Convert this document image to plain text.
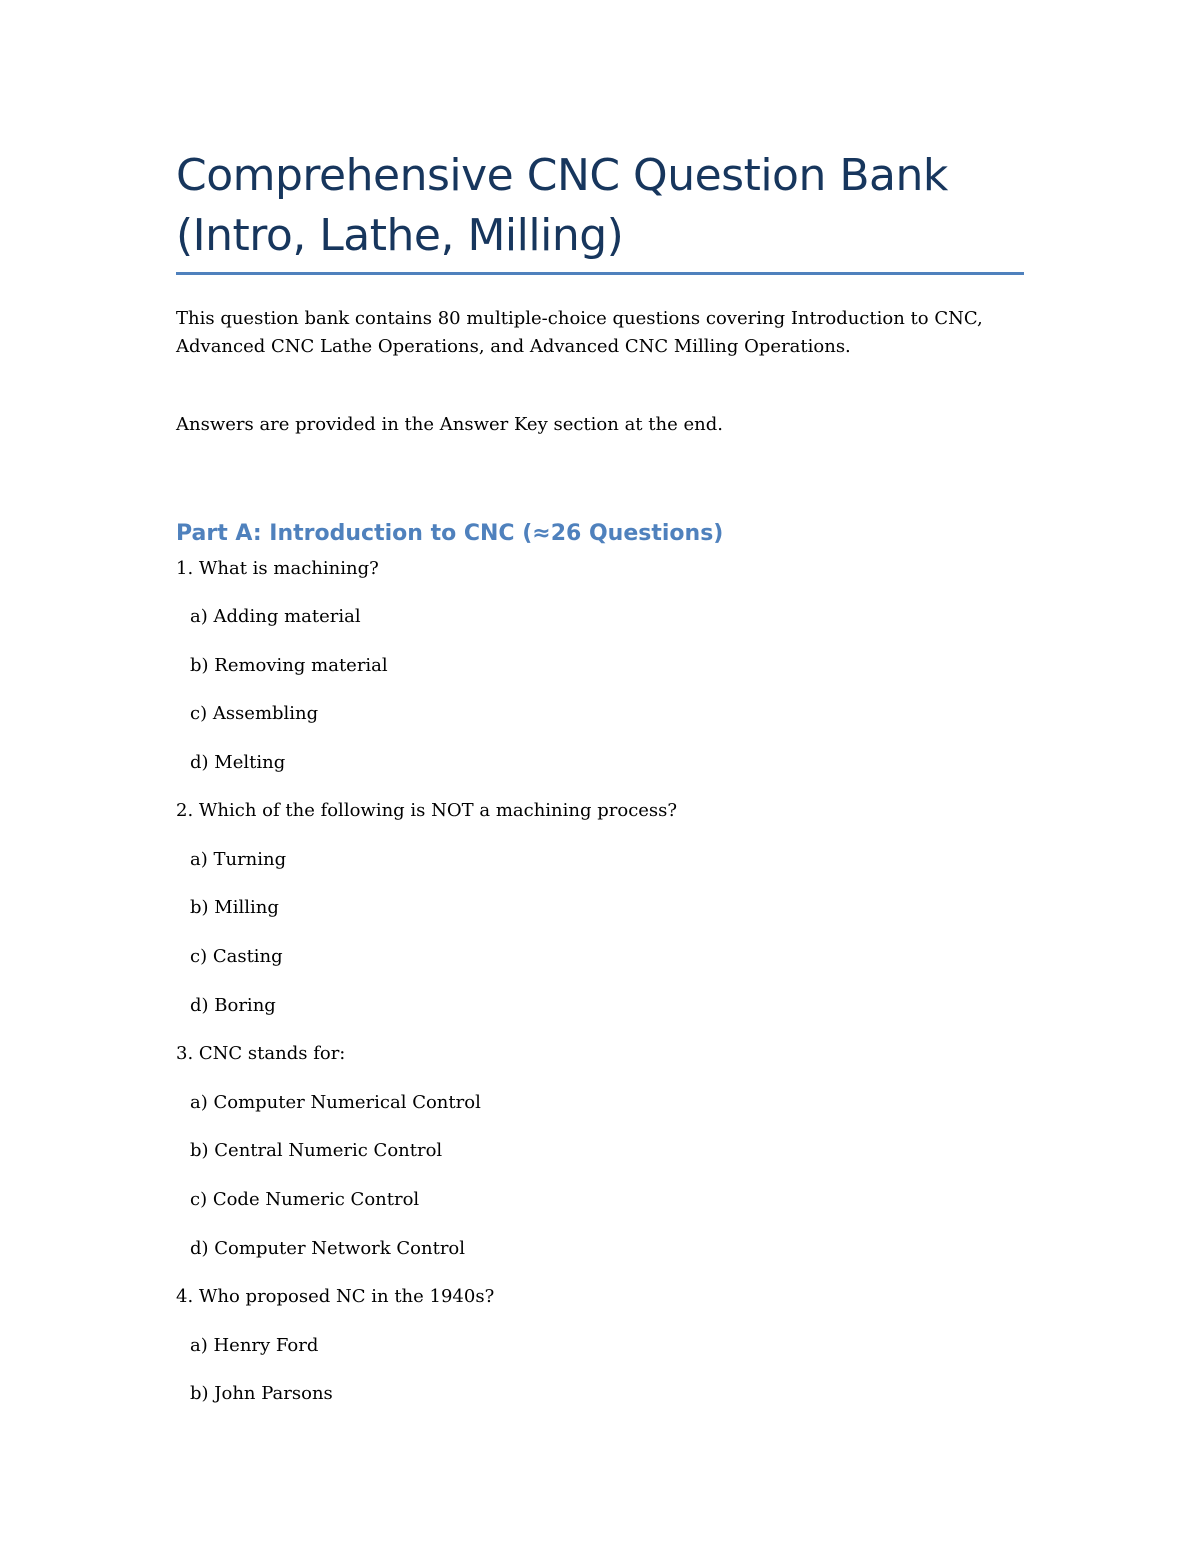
Comprehensive CNC Question Bank
(Intro, Lathe, Milling)

This question bank contains 80 multiple-choice questions covering Introduction to CNC,

Advanced CNC Lathe Operations, and Advanced CNC Milling Operations.

Answers are provided in the Answer Key section at the end.

Part A: Introduction to CNC (≈26 Questions)

1. What is machining?

a) Adding material

b) Removing material

c) Assembling

d) Melting

2. Which of the following is NOT a machining process?

a) Turning

b) Milling

c) Casting

d) Boring

3. CNC stands for:

a) Computer Numerical Control

b) Central Numeric Control

c) Code Numeric Control

d) Computer Network Control

4. Who proposed NC in the 1940s?

a) Henry Ford

b) John Parsons
